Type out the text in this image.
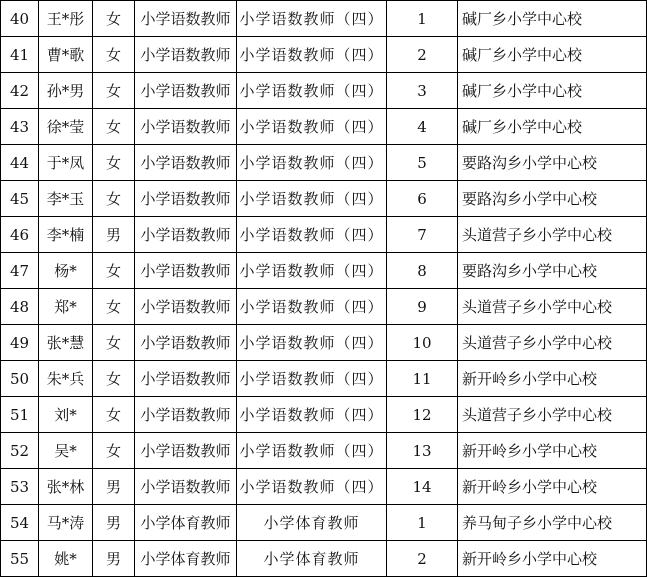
40	王*彤	女	小学语数教师	小学语数教师（四）	1	碱厂乡小学中心校
41	曹*歌	女	小学语数教师	小学语数教师（四）	2	碱厂乡小学中心校
42	孙*男	女	小学语数教师	小学语数教师（四）	3	碱厂乡小学中心校
43	徐*莹	女	小学语数教师	小学语数教师（四）	4	碱厂乡小学中心校
44	于*凤	女	小学语数教师	小学语数教师（四）	5	要路沟乡小学中心校
45	李*玉	女	小学语数教师	小学语数教师（四）	6	要路沟乡小学中心校
46	李*楠	男	小学语数教师	小学语数教师（四）	7	头道营子乡小学中心校
47	杨*	女	小学语数教师	小学语数教师（四）	8	要路沟乡小学中心校
48	郑*	女	小学语数教师	小学语数教师（四）	9	头道营子乡小学中心校
49	张*慧	女	小学语数教师	小学语数教师（四）	10	头道营子乡小学中心校
50	朱*兵	女	小学语数教师	小学语数教师（四）	11	新开岭乡小学中心校
51	刘*	女	小学语数教师	小学语数教师（四）	12	头道营子乡小学中心校
52	吴*	女	小学语数教师	小学语数教师（四）	13	新开岭乡小学中心校
53	张*林	男	小学语数教师	小学语数教师（四）	14	新开岭乡小学中心校
54	马*涛	男	小学体育教师	小学体育教师	1	养马甸子乡小学中心校
55	姚*	男	小学体育教师	小学体育教师	2	新开岭乡小学中心校
